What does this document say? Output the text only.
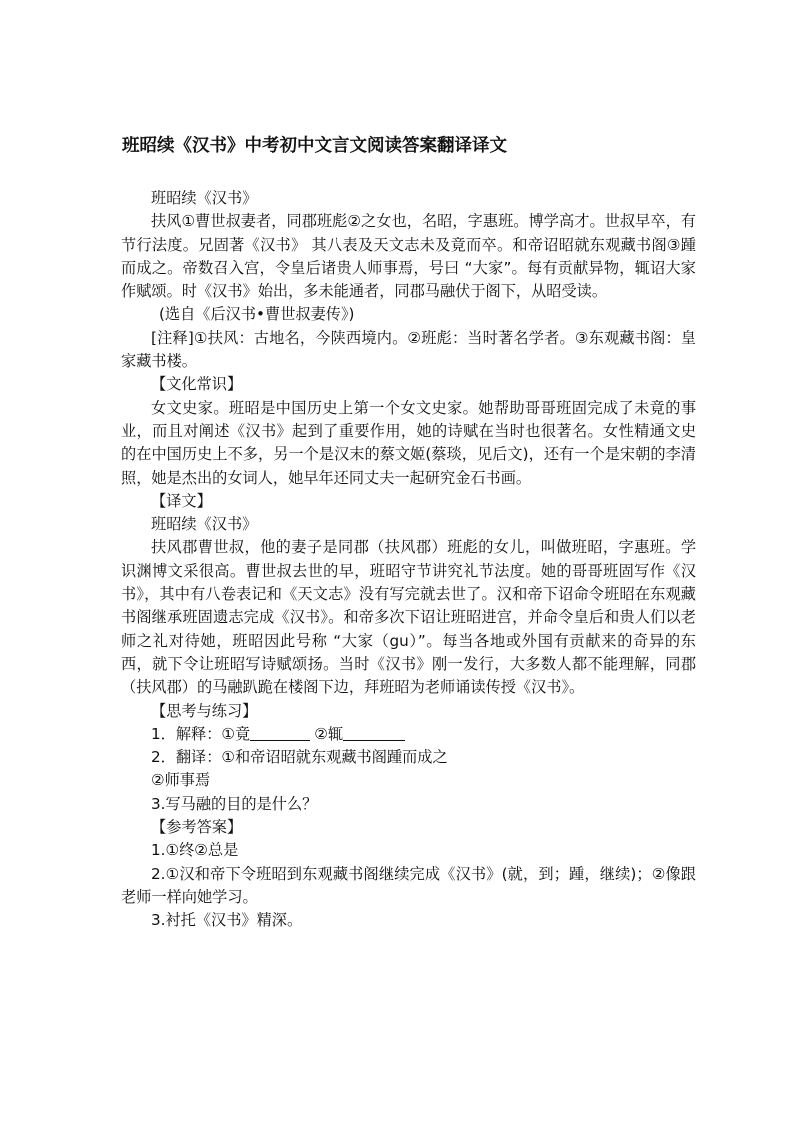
班昭续《汉书》中考初中文言文阅读答案翻译译文

班昭续《汉书》

扶风①曹世叔妻者，同郡班彪②之女也，名昭，字惠班。博学高才。世叔早卒，有节行法度。兄固著《汉书》 其八表及天文志未及竟而卒。和帝诏昭就东观藏书阁③踵而成之。帝数召入宫，令皇后诸贵人师事焉，号曰 “大家”。每有贡献异物，辄诏大家作赋颂。时《汉书》始出，多未能通者，同郡马融伏于阁下，从昭受读。

(选自《后汉书•曹世叔妻传》)

[注释]①扶风：古地名，今陕西境内。②班彪：当时著名学者。③东观藏书阁：皇家藏书楼。

【文化常识】

女文史家。班昭是中国历史上第一个女文史家。她帮助哥哥班固完成了未竟的事业，而且对阐述《汉书》起到了重要作用，她的诗赋在当时也很著名。女性精通文史的在中国历史上不多，另一个是汉末的蔡文姬(蔡琰，见后文)，还有一个是宋朝的李清照，她是杰出的女词人，她早年还同丈夫一起研究金石书画。

【译文】

班昭续《汉书》

扶风郡曹世叔，他的妻子是同郡（扶风郡）班彪的女儿，叫做班昭，字惠班。学识渊博文采很高。曹世叔去世的早，班昭守节讲究礼节法度。她的哥哥班固写作《汉书》，其中有八卷表记和《天文志》没有写完就去世了。汉和帝下诏命令班昭在东观藏书阁继承班固遗志完成《汉书》。和帝多次下诏让班昭进宫，并命令皇后和贵人们以老师之礼对待她，班昭因此号称 “大家（gu）”。每当各地或外国有贡献来的奇异的东西，就下令让班昭写诗赋颂扬。当时《汉书》刚一发行，大多数人都不能理解，同郡（扶风郡）的马融趴跪在楼阁下边，拜班昭为老师诵读传授《汉书》。

【思考与练习】

1．解释：①竟	②辄

2．翻译：①和帝诏昭就东观藏书阁踵而成之

②师事焉

3.写马融的目的是什么？

【参考答案】

1.①终②总是

2.①汉和帝下令班昭到东观藏书阁继续完成《汉书》(就，到；踵，继续)；②像跟老师一样向她学习。

3.衬托《汉书》精深。
